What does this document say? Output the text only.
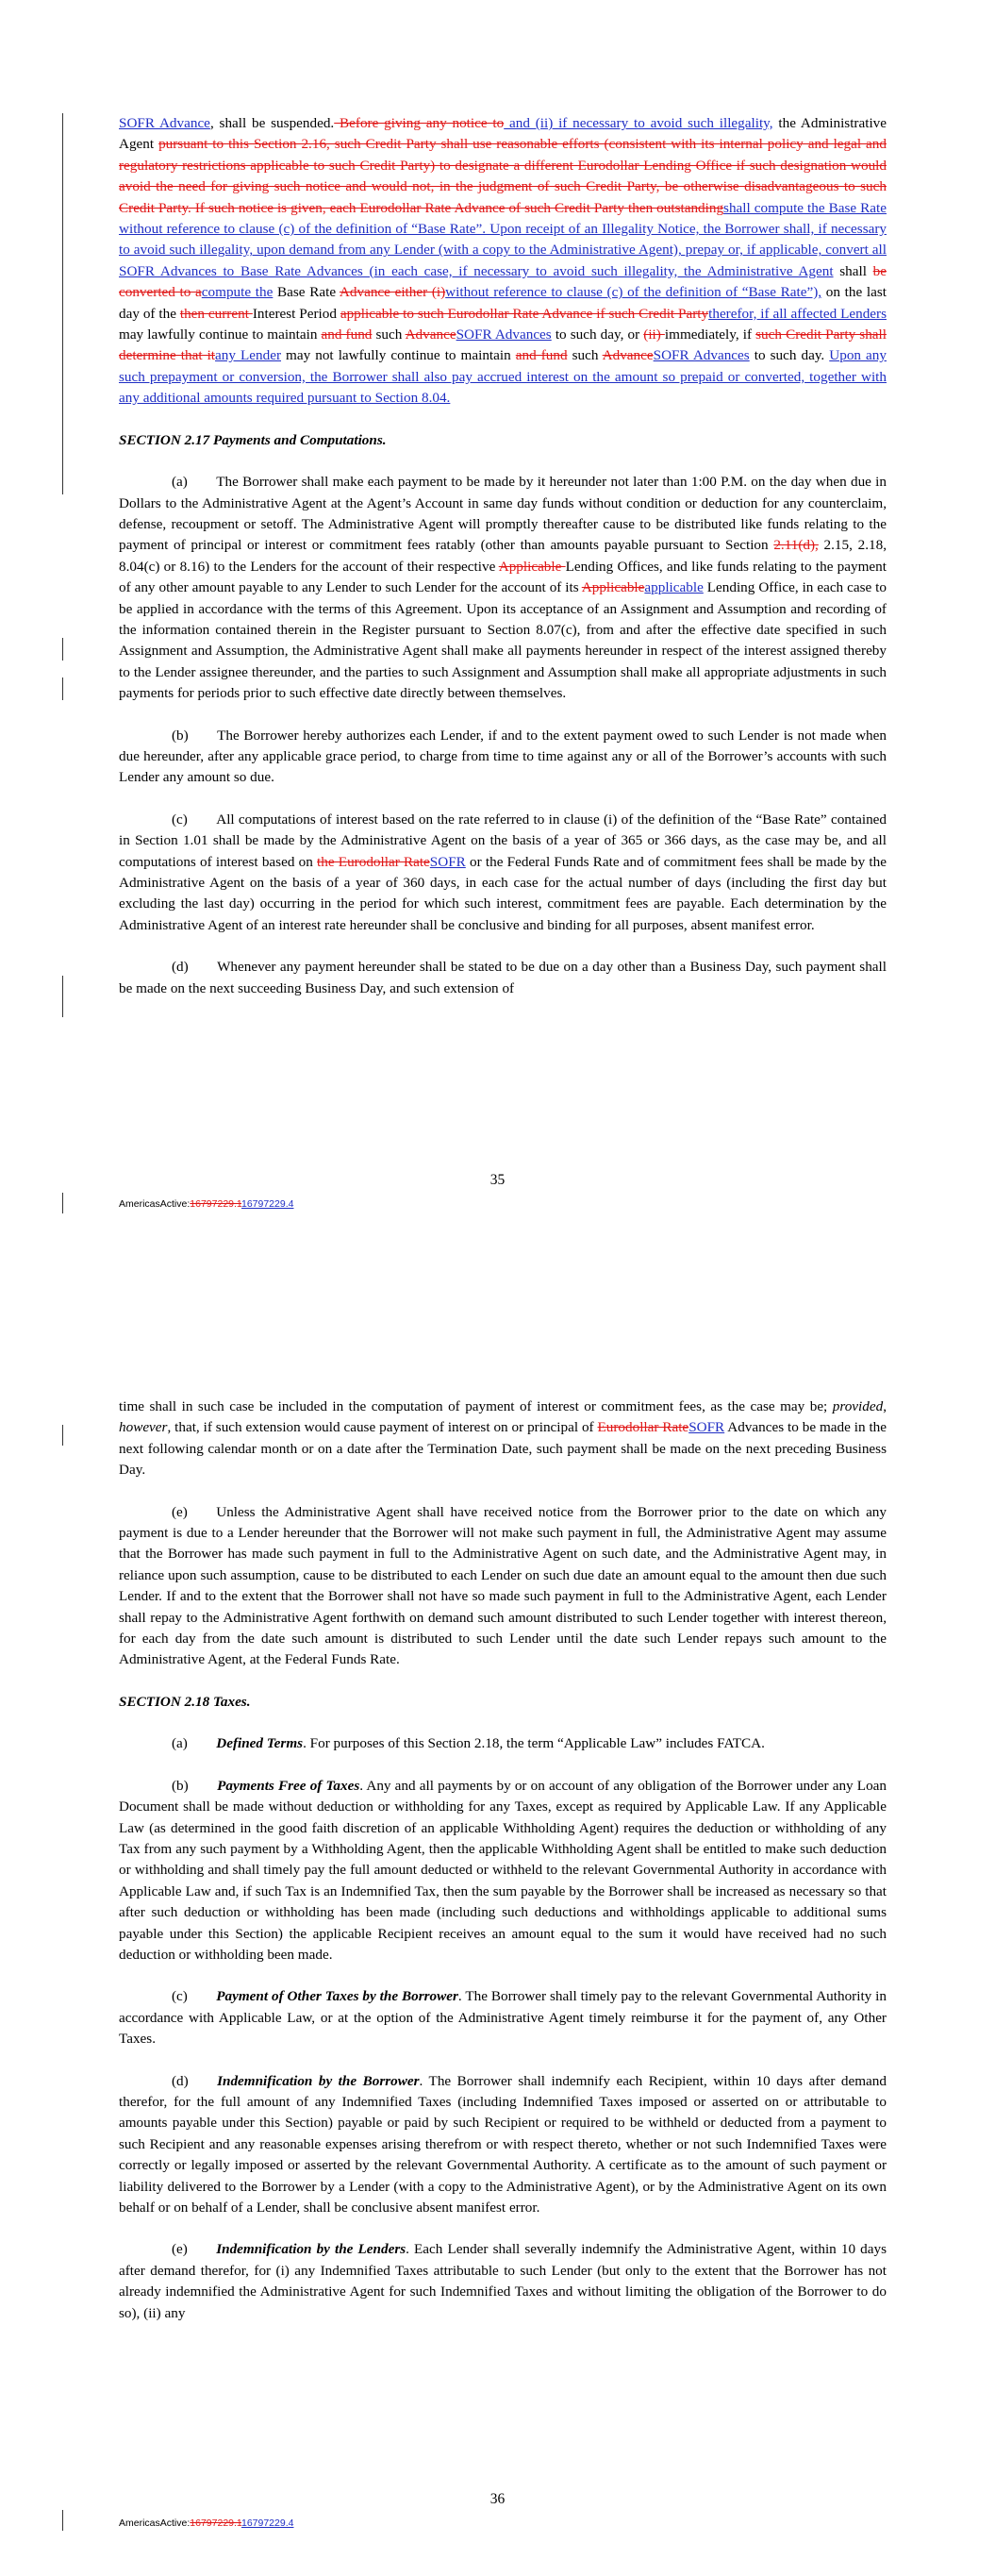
SOFR Advance, shall be suspended. Before giving any notice to and (ii) if necessary to avoid such illegality, the Administrative Agent pursuant to this Section 2.16, such Credit Party shall use reasonable efforts (consistent with its internal policy and legal and regulatory restrictions applicable to such Credit Party) to designate a different Eurodollar Lending Office if such designation would avoid the need for giving such notice and would not, in the judgment of such Credit Party, be otherwise disadvantageous to such Credit Party. If such notice is given, each Eurodollar Rate Advance of such Credit Party then outstandingshall compute the Base Rate without reference to clause (c) of the definition of “Base Rate”. Upon receipt of an Illegality Notice, the Borrower shall, if necessary to avoid such illegality, upon demand from any Lender (with a copy to the Administrative Agent), prepay or, if applicable, convert all SOFR Advances to Base Rate Advances (in each case, if necessary to avoid such illegality, the Administrative Agent shall be converted to acompute the Base Rate Advance either (i)without reference to clause (c) of the definition of “Base Rate”), on the last day of the then current Interest Period applicable to such Eurodollar Rate Advance if such Credit Partytherefor, if all affected Lenders may lawfully continue to maintain and fund such AdvanceSOFR Advances to such day, or (ii) immediately, if such Credit Party shall determine that itany Lender may not lawfully continue to maintain and fund such AdvanceSOFR Advances to such day. Upon any such prepayment or conversion, the Borrower shall also pay accrued interest on the amount so prepaid or converted, together with any additional amounts required pursuant to Section 8.04.

SECTION 2.17 Payments and Computations.

(a)  The Borrower shall make each payment to be made by it hereunder not later than 1:00 P.M. on the day when due in Dollars to the Administrative Agent at the Agent’s Account in same day funds without condition or deduction for any counterclaim, defense, recoupment or setoff. The Administrative Agent will promptly thereafter cause to be distributed like funds relating to the payment of principal or interest or commitment fees ratably (other than amounts payable pursuant to Section 2.11(d), 2.15, 2.18, 8.04(c) or 8.16) to the Lenders for the account of their respective Applicable Lending Offices, and like funds relating to the payment of any other amount payable to any Lender to such Lender for the account of its Applicableapplicable Lending Office, in each case to be applied in accordance with the terms of this Agreement. Upon its acceptance of an Assignment and Assumption and recording of the information contained therein in the Register pursuant to Section 8.07(c), from and after the effective date specified in such Assignment and Assumption, the Administrative Agent shall make all payments hereunder in respect of the interest assigned thereby to the Lender assignee thereunder, and the parties to such Assignment and Assumption shall make all appropriate adjustments in such payments for periods prior to such effective date directly between themselves.

(b)  The Borrower hereby authorizes each Lender, if and to the extent payment owed to such Lender is not made when due hereunder, after any applicable grace period, to charge from time to time against any or all of the Borrower’s accounts with such Lender any amount so due.

(c)  All computations of interest based on the rate referred to in clause (i) of the definition of the “Base Rate” contained in Section 1.01 shall be made by the Administrative Agent on the basis of a year of 365 or 366 days, as the case may be, and all computations of interest based on the Eurodollar RateSOFR or the Federal Funds Rate and of commitment fees shall be made by the Administrative Agent on the basis of a year of 360 days, in each case for the actual number of days (including the first day but excluding the last day) occurring in the period for which such interest, commitment fees are payable. Each determination by the Administrative Agent of an interest rate hereunder shall be conclusive and binding for all purposes, absent manifest error.

(d)  Whenever any payment hereunder shall be stated to be due on a day other than a Business Day, such payment shall be made on the next succeeding Business Day, and such extension of

35
AmericasActive:16797229.116797229.4

time shall in such case be included in the computation of payment of interest or commitment fees, as the case may be; provided, however, that, if such extension would cause payment of interest on or principal of Eurodollar RateSOFR Advances to be made in the next following calendar month or on a date after the Termination Date, such payment shall be made on the next preceding Business Day.

(e)  Unless the Administrative Agent shall have received notice from the Borrower prior to the date on which any payment is due to a Lender hereunder that the Borrower will not make such payment in full, the Administrative Agent may assume that the Borrower has made such payment in full to the Administrative Agent on such date, and the Administrative Agent may, in reliance upon such assumption, cause to be distributed to each Lender on such due date an amount equal to the amount then due such Lender. If and to the extent that the Borrower shall not have so made such payment in full to the Administrative Agent, each Lender shall repay to the Administrative Agent forthwith on demand such amount distributed to such Lender together with interest thereon, for each day from the date such amount is distributed to such Lender until the date such Lender repays such amount to the Administrative Agent, at the Federal Funds Rate.

SECTION 2.18 Taxes.

(a)   Defined Terms. For purposes of this Section 2.18, the term “Applicable Law” includes FATCA.

(b)   Payments Free of Taxes. Any and all payments by or on account of any obligation of the Borrower under any Loan Document shall be made without deduction or withholding for any Taxes, except as required by Applicable Law. If any Applicable Law (as determined in the good faith discretion of an applicable Withholding Agent) requires the deduction or withholding of any Tax from any such payment by a Withholding Agent, then the applicable Withholding Agent shall be entitled to make such deduction or withholding and shall timely pay the full amount deducted or withheld to the relevant Governmental Authority in accordance with Applicable Law and, if such Tax is an Indemnified Tax, then the sum payable by the Borrower shall be increased as necessary so that after such deduction or withholding has been made (including such deductions and withholdings applicable to additional sums payable under this Section) the applicable Recipient receives an amount equal to the sum it would have received had no such deduction or withholding been made.

(c)   Payment of Other Taxes by the Borrower. The Borrower shall timely pay to the relevant Governmental Authority in accordance with Applicable Law, or at the option of the Administrative Agent timely reimburse it for the payment of, any Other Taxes.

(d)   Indemnification by the Borrower. The Borrower shall indemnify each Recipient, within 10 days after demand therefor, for the full amount of any Indemnified Taxes (including Indemnified Taxes imposed or asserted on or attributable to amounts payable under this Section) payable or paid by such Recipient or required to be withheld or deducted from a payment to such Recipient and any reasonable expenses arising therefrom or with respect thereto, whether or not such Indemnified Taxes were correctly or legally imposed or asserted by the relevant Governmental Authority. A certificate as to the amount of such payment or liability delivered to the Borrower by a Lender (with a copy to the Administrative Agent), or by the Administrative Agent on its own behalf or on behalf of a Lender, shall be conclusive absent manifest error.

(e)   Indemnification by the Lenders. Each Lender shall severally indemnify the Administrative Agent, within 10 days after demand therefor, for (i) any Indemnified Taxes attributable to such Lender (but only to the extent that the Borrower has not already indemnified the Administrative Agent for such Indemnified Taxes and without limiting the obligation of the Borrower to do so), (ii) any

36
AmericasActive:16797229.116797229.4
